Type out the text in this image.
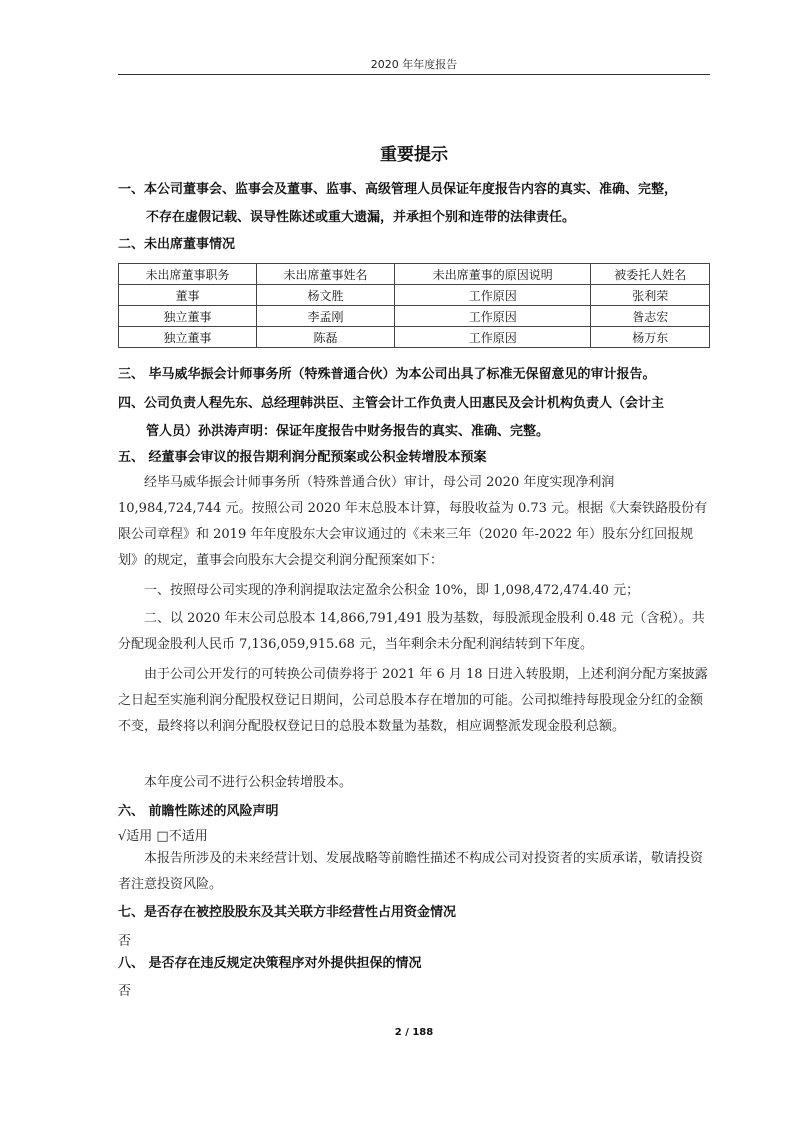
2020 年年度报告
重要提示
一、本公司董事会、监事会及董事、监事、高级管理人员保证年度报告内容的真实、准确、完整，
不存在虚假记载、误导性陈述或重大遗漏，并承担个别和连带的法律责任。
二、未出席董事情况
未出席董事职务	未出席董事姓名	未出席董事的原因说明	被委托人姓名
董事	杨文胜	工作原因	张利荣
独立董事	李孟刚	工作原因	昝志宏
独立董事	陈磊	工作原因	杨万东
三、 毕马威华振会计师事务所（特殊普通合伙）为本公司出具了标准无保留意见的审计报告。
四、公司负责人程先东、总经理韩洪臣、主管会计工作负责人田惠民及会计机构负责人（会计主
管人员）孙洪涛声明：保证年度报告中财务报告的真实、准确、完整。
五、 经董事会审议的报告期利润分配预案或公积金转增股本预案
经毕马威华振会计师事务所（特殊普通合伙）审计，母公司 2020 年度实现净利润 10,984,724,744 元。按照公司 2020 年末总股本计算，每股收益为 0.73 元。根据《大秦铁路股份有限公司章程》和 2019 年年度股东大会审议通过的《未来三年（2020 年-2022 年）股东分红回报规划》的规定，董事会向股东大会提交利润分配预案如下：
一、按照母公司实现的净利润提取法定盈余公积金 10%，即 1,098,472,474.40 元；
二、以 2020 年末公司总股本 14,866,791,491 股为基数，每股派现金股利 0.48 元（含税）。共分配现金股利人民币 7,136,059,915.68 元，当年剩余未分配利润结转到下年度。
由于公司公开发行的可转换公司债券将于 2021 年 6 月 18 日进入转股期，上述利润分配方案披露之日起至实施利润分配股权登记日期间，公司总股本存在增加的可能。公司拟维持每股现金分红的金额不变，最终将以利润分配股权登记日的总股本数量为基数，相应调整派发现金股利总额。
本年度公司不进行公积金转增股本。
六、 前瞻性陈述的风险声明
√适用 □不适用
本报告所涉及的未来经营计划、发展战略等前瞻性描述不构成公司对投资者的实质承诺，敬请投资者注意投资风险。
七、是否存在被控股股东及其关联方非经营性占用资金情况
否
八、 是否存在违反规定决策程序对外提供担保的情况
否
2 / 188
